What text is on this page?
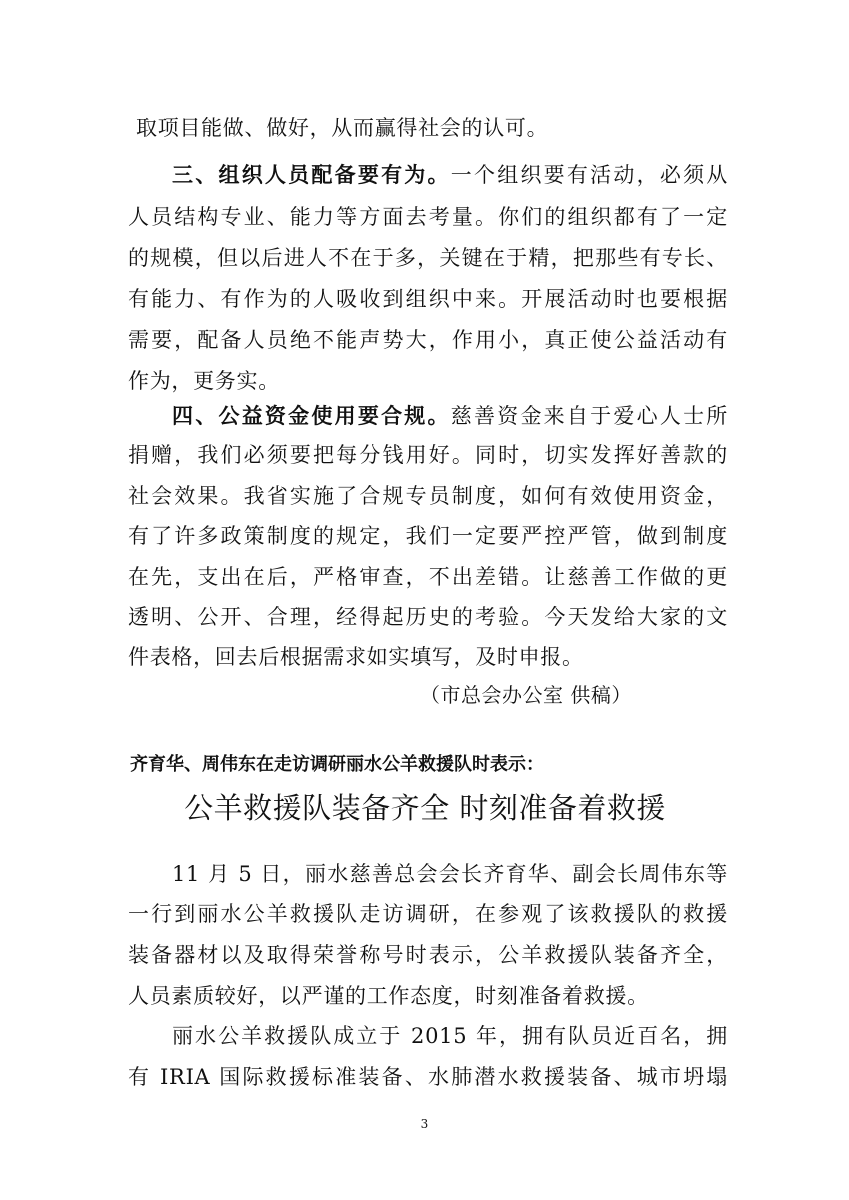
取项目能做、做好，从而赢得社会的认可。
三、组织人员配备要有为。一个组织要有活动，必须从
人员结构专业、能力等方面去考量。你们的组织都有了一定
的规模，但以后进人不在于多，关键在于精，把那些有专长、
有能力、有作为的人吸收到组织中来。开展活动时也要根据
需要，配备人员绝不能声势大，作用小，真正使公益活动有
作为，更务实。
四、公益资金使用要合规。慈善资金来自于爱心人士所
捐赠，我们必须要把每分钱用好。同时，切实发挥好善款的
社会效果。我省实施了合规专员制度，如何有效使用资金，
有了许多政策制度的规定，我们一定要严控严管，做到制度
在先，支出在后，严格审查，不出差错。让慈善工作做的更
透明、公开、合理，经得起历史的考验。今天发给大家的文
件表格，回去后根据需求如实填写，及时申报。
（市总会办公室 供稿）
齐育华、周伟东在走访调研丽水公羊救援队时表示：
公羊救援队装备齐全 时刻准备着救援
11 月 5 日，丽水慈善总会会长齐育华、副会长周伟东等
一行到丽水公羊救援队走访调研，在参观了该救援队的救援
装备器材以及取得荣誉称号时表示，公羊救援队装备齐全，
人员素质较好，以严谨的工作态度，时刻准备着救援。
丽水公羊救援队成立于 2015 年，拥有队员近百名，拥
有 IRIA 国际救援标准装备、水肺潜水救援装备、城市坍塌
3
